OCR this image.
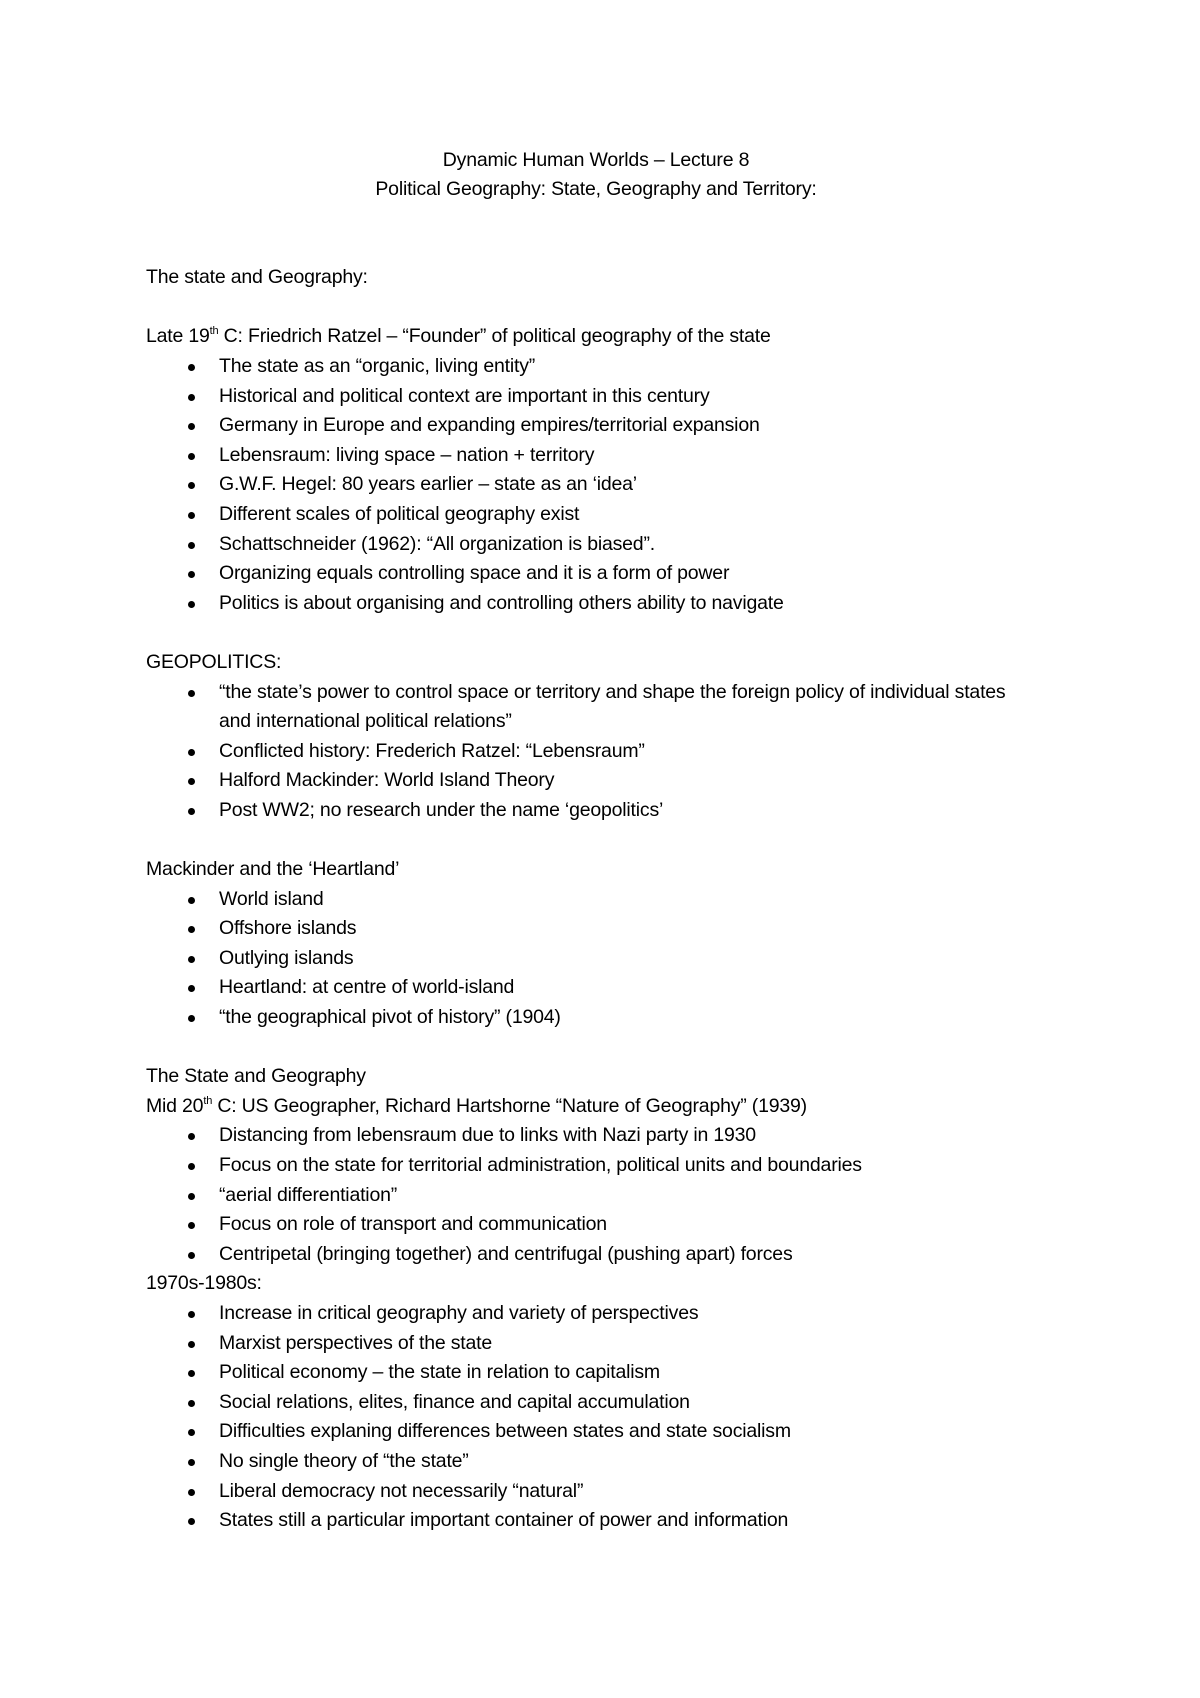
Dynamic Human Worlds – Lecture 8
Political Geography: State, Geography and Territory:
The state and Geography:
Late 19th C: Friedrich Ratzel – “Founder” of political geography of the state
The state as an “organic, living entity”
Historical and political context are important in this century
Germany in Europe and expanding empires/territorial expansion
Lebensraum: living space – nation + territory
G.W.F. Hegel: 80 years earlier – state as an ‘idea’
Different scales of political geography exist
Schattschneider (1962): “All organization is biased”.
Organizing equals controlling space and it is a form of power
Politics is about organising and controlling others ability to navigate
GEOPOLITICS:
“the state’s power to control space or territory and shape the foreign policy of individual states and international political relations”
Conflicted history: Frederich Ratzel: “Lebensraum”
Halford Mackinder: World Island Theory
Post WW2; no research under the name ‘geopolitics’
Mackinder and the ‘Heartland’
World island
Offshore islands
Outlying islands
Heartland: at centre of world-island
“the geographical pivot of history” (1904)
The State and Geography
Mid 20th C: US Geographer, Richard Hartshorne “Nature of Geography” (1939)
Distancing from lebensraum due to links with Nazi party in 1930
Focus on the state for territorial administration, political units and boundaries
“aerial differentiation”
Focus on role of transport and communication
Centripetal (bringing together) and centrifugal (pushing apart) forces
1970s-1980s:
Increase in critical geography and variety of perspectives
Marxist perspectives of the state
Political economy – the state in relation to capitalism
Social relations, elites, finance and capital accumulation
Difficulties explaning differences between states and state socialism
No single theory of “the state”
Liberal democracy not necessarily “natural”
States still a particular important container of power and information
